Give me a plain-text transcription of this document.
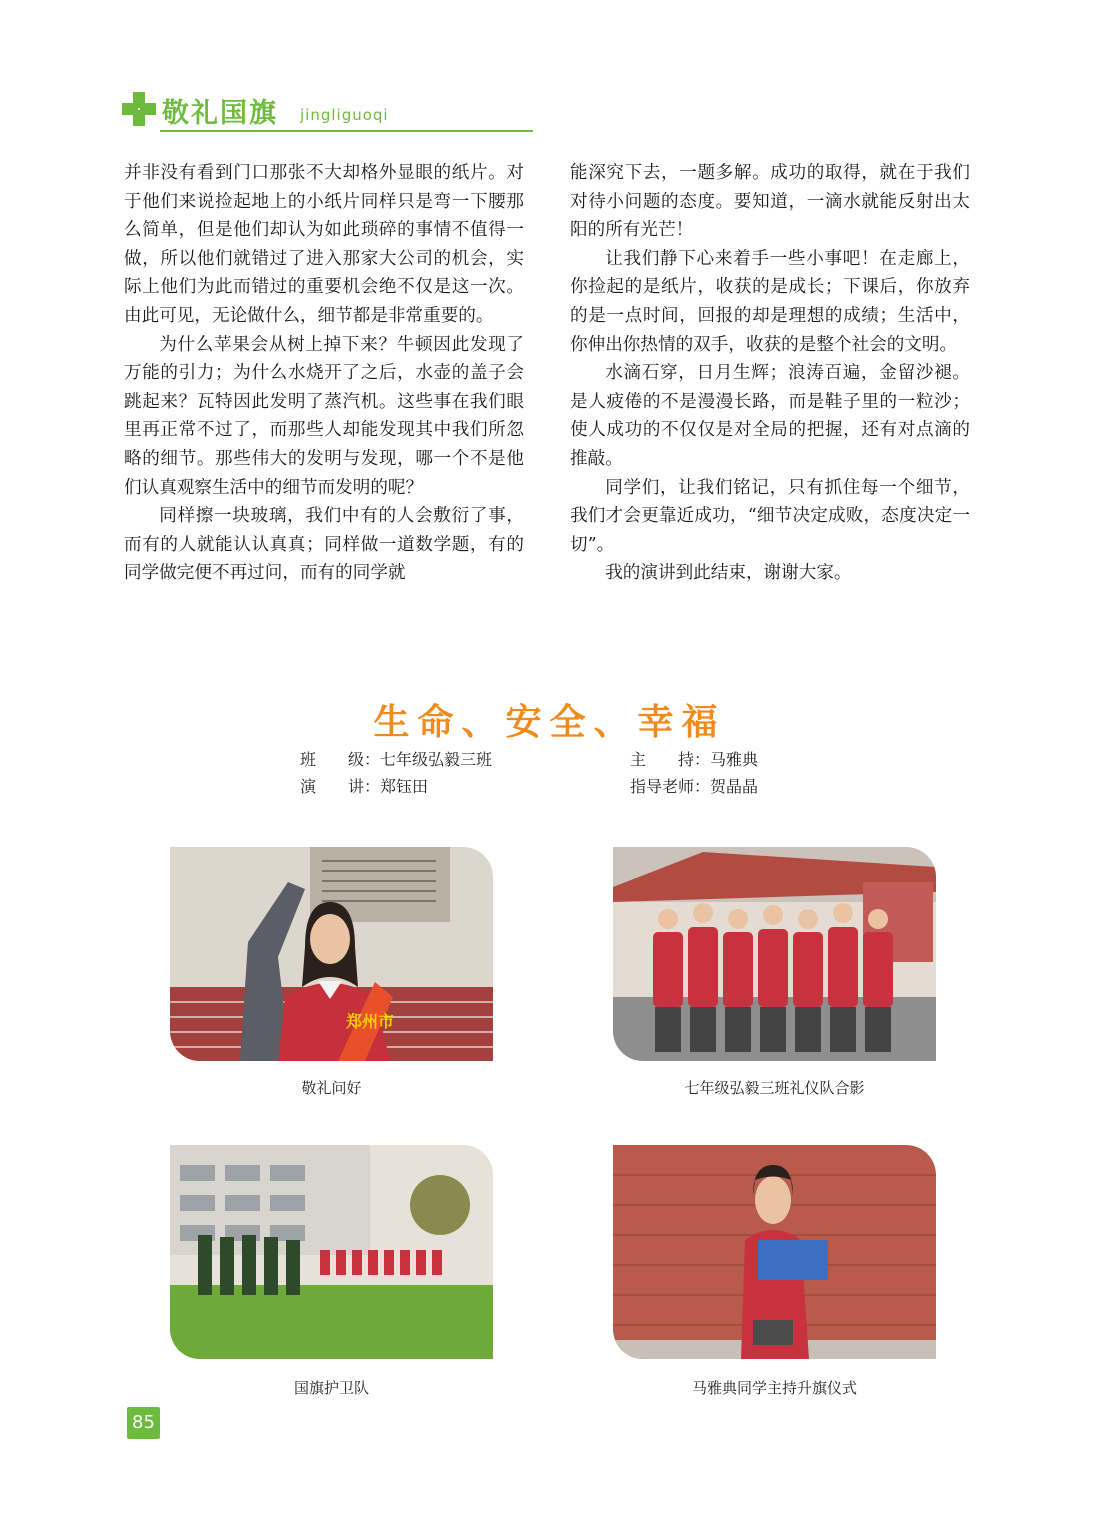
敬礼国旗 jingliguoqi

并非没有看到门口那张不大却格外显眼的纸片。对于他们来说捡起地上的小纸片同样只是弯一下腰那么简单，但是他们却认为如此琐碎的事情不值得一做，所以他们就错过了进入那家大公司的机会，实际上他们为此而错过的重要机会绝不仅是这一次。由此可见，无论做什么，细节都是非常重要的。

为什么苹果会从树上掉下来？牛顿因此发现了万能的引力；为什么水烧开了之后，水壶的盖子会跳起来？瓦特因此发明了蒸汽机。这些事在我们眼里再正常不过了，而那些人却能发现其中我们所忽略的细节。那些伟大的发明与发现，哪一个不是他们认真观察生活中的细节而发明的呢？

同样擦一块玻璃，我们中有的人会敷衍了事，而有的人就能认认真真；同样做一道数学题，有的同学做完便不再过问，而有的同学就

能深究下去，一题多解。成功的取得，就在于我们对待小问题的态度。要知道，一滴水就能反射出太阳的所有光芒！

让我们静下心来着手一些小事吧！在走廊上，你捡起的是纸片，收获的是成长；下课后，你放弃的是一点时间，回报的却是理想的成绩；生活中，你伸出你热情的双手，收获的是整个社会的文明。

水滴石穿，日月生辉；浪涛百遍，金留沙褪。是人疲倦的不是漫漫长路，而是鞋子里的一粒沙；使人成功的不仅仅是对全局的把握，还有对点滴的推敲。

同学们，让我们铭记，只有抓住每一个细节，我们才会更靠近成功，“细节决定成败，态度决定一切”。

我的演讲到此结束，谢谢大家。

生命、安全、幸福
班　　级：七年级弘毅三班	主　　持：马雅典
演　　讲：郑钰田	指导老师：贺晶晶
郑州市
敬礼问好	七年级弘毅三班礼仪队合影
国旗护卫队	马雅典同学主持升旗仪式
85
